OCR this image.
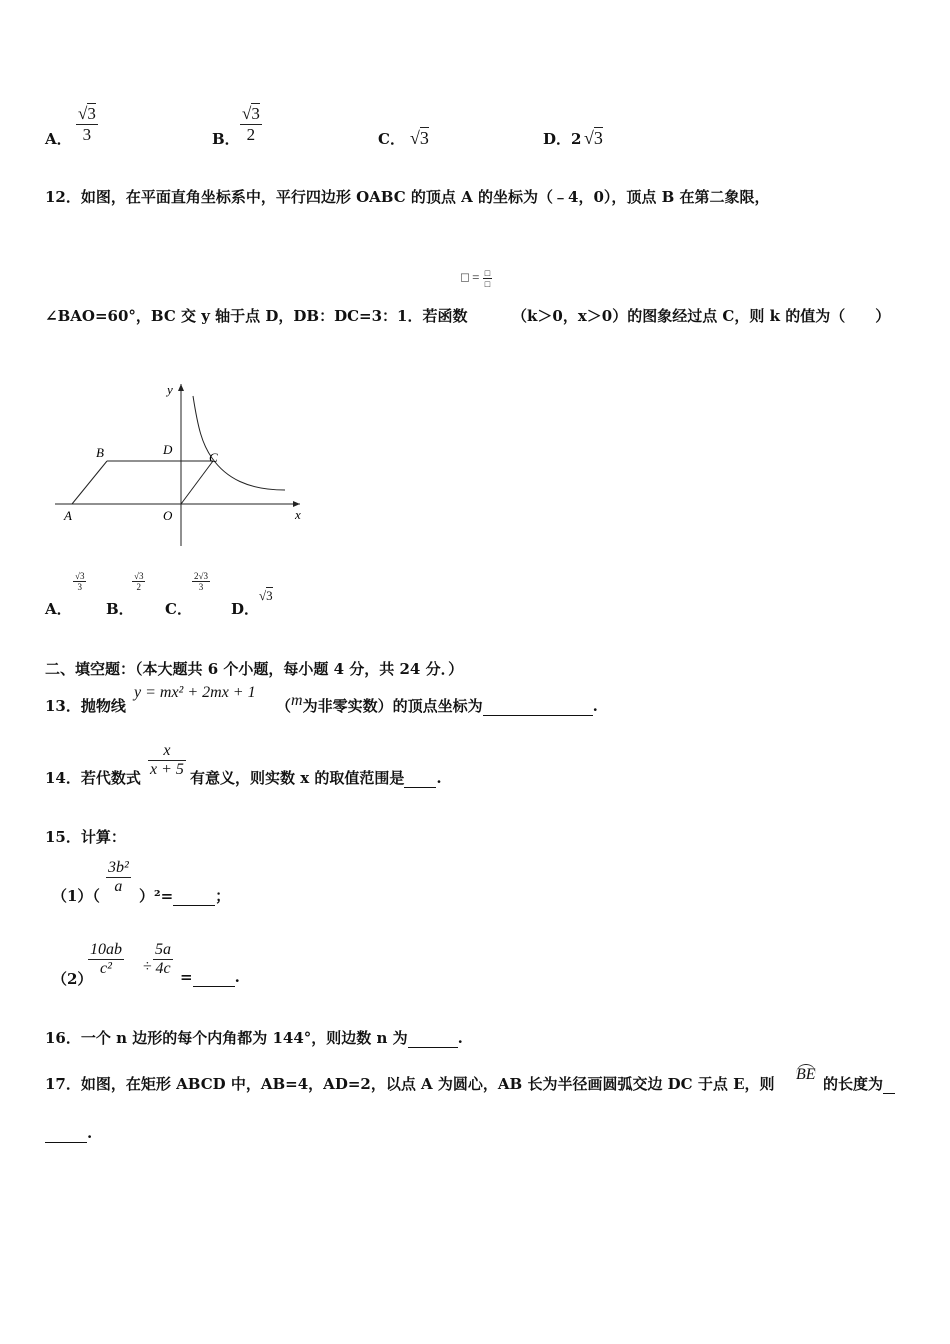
A． $\frac{√3}{3}$	B． $\frac{√3}{2}$	C． √3	D．2 √3
12．如图，在平面直角坐标系中，平行四边形 OABC 的顶点 A 的坐标为（﹣4，0），顶点 B 在第二象限，
□ = $\frac{□}{□}$
∠BAO=60°，BC 交 y 轴于点 D，DB：DC=3：1．若函数	（k＞0，x＞0）的图象经过点 C，则 k 的值为（　　）
y
x
A
B	C
D
O
A．
$\frac{√3}{3}$
B．
$\frac{√3}{2}$
C．
$\frac{2√3}{3}$
D．
√3
二、填空题：（本大题共 6 个小题，每小题 4 分，共 24 分．）
13．抛物线
y = mx² + 2mx + 1
（m为非零实数）的顶点坐标为	.
14．若代数式 $\frac{x}{x + 5}$ 有意义，则实数 x 的取值范围是 .
15．计算：
$(1)( \frac{\text{3b²}}{a} )^2=$	；
（2）
$\frac{10ab}{\text{c²}} \div \frac{5a}{4c}$ =	.
16．一个 n 边形的每个内角都为 144°，则边数 n 为	.
17．如图，在矩形 ABCD 中，AB=4，AD=2，以点 A 为圆心，AB 长为半径画圆弧交边 DC 于点 E，则
BE
的长度为
.
